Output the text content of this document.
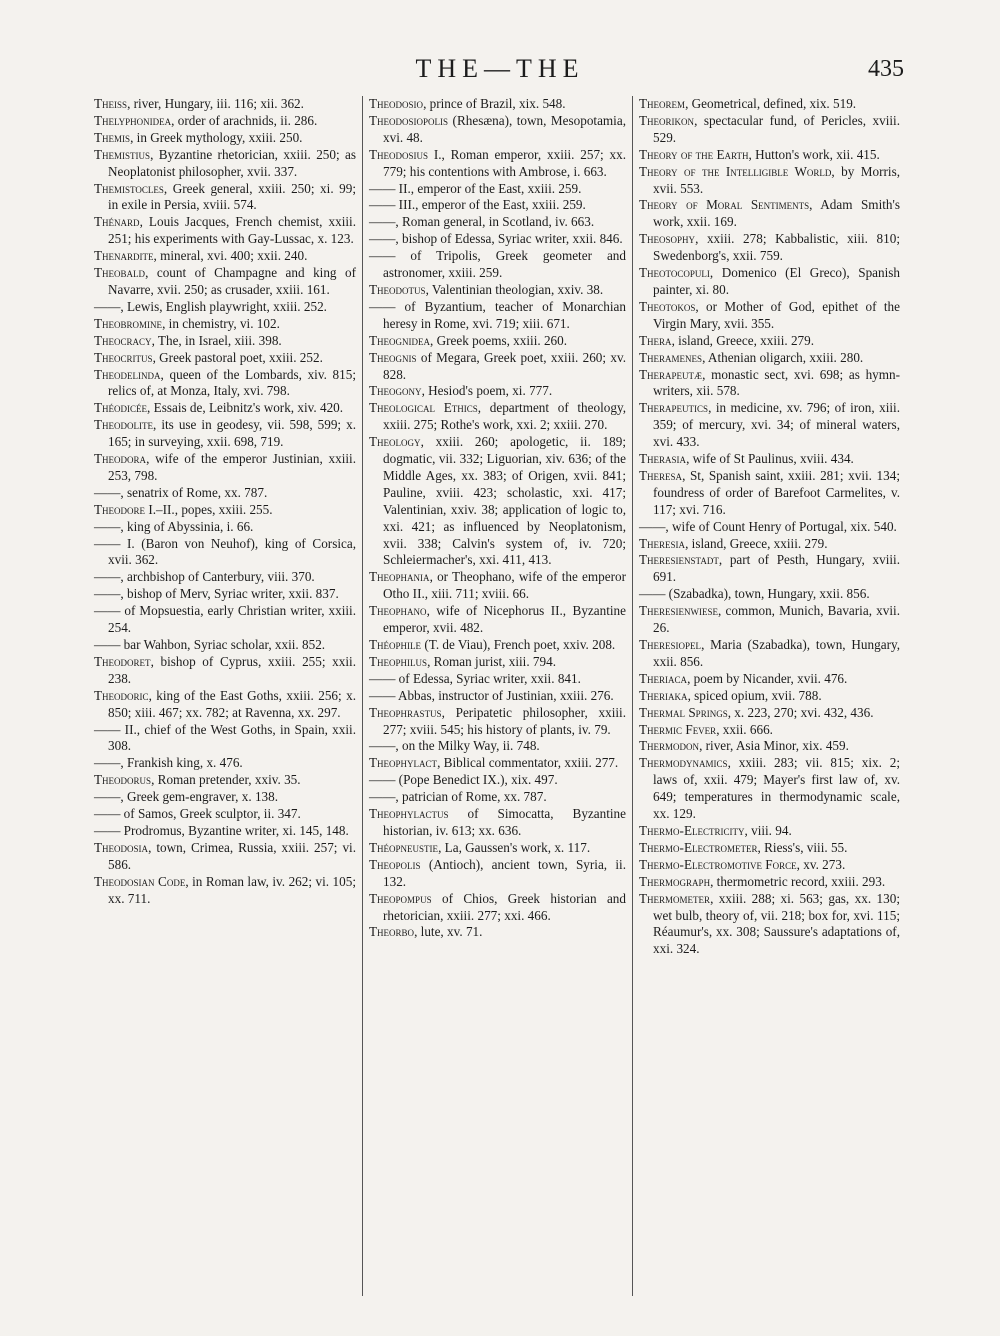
THE—THE	435

Theiss, river, Hungary, iii. 116; xii. 362.

Thelyphonidea, order of arachnids, ii. 286.

Themis, in Greek mythology, xxiii. 250.

Themistius, Byzantine rhetorician, xxiii. 250; as Neoplatonist philosopher, xvii. 337.

Themistocles, Greek general, xxiii. 250; xi. 99; in exile in Persia, xviii. 574.

Thénard, Louis Jacques, French chemist, xxiii. 251; his experiments with Gay-Lussac, x. 123.

Thenardite, mineral, xvi. 400; xxii. 240.

Theobald, count of Champagne and king of Navarre, xvii. 250; as crusader, xxiii. 161.

——, Lewis, English playwright, xxiii. 252.

Theobromine, in chemistry, vi. 102.

Theocracy, The, in Israel, xiii. 398.

Theocritus, Greek pastoral poet, xxiii. 252.

Theodelinda, queen of the Lombards, xiv. 815; relics of, at Monza, Italy, xvi. 798.

Théodicée, Essais de, Leibnitz's work, xiv. 420.

Theodolite, its use in geodesy, vii. 598, 599; x. 165; in surveying, xxii. 698, 719.

Theodora, wife of the emperor Justinian, xxiii. 253, 798.

——, senatrix of Rome, xx. 787.

Theodore I.–II., popes, xxiii. 255.

——, king of Abyssinia, i. 66.

—— I. (Baron von Neuhof), king of Corsica, xvii. 362.

——, archbishop of Canterbury, viii. 370.

——, bishop of Merv, Syriac writer, xxii. 837.

—— of Mopsuestia, early Christian writer, xxiii. 254.

—— bar Wahbon, Syriac scholar, xxii. 852.

Theodoret, bishop of Cyprus, xxiii. 255; xxii. 238.

Theodoric, king of the East Goths, xxiii. 256; x. 850; xiii. 467; xx. 782; at Ravenna, xx. 297.

—— II., chief of the West Goths, in Spain, xxii. 308.

——, Frankish king, x. 476.

Theodorus, Roman pretender, xxiv. 35.

——, Greek gem-engraver, x. 138.

—— of Samos, Greek sculptor, ii. 347.

—— Prodromus, Byzantine writer, xi. 145, 148.

Theodosia, town, Crimea, Russia, xxiii. 257; vi. 586.

Theodosian Code, in Roman law, iv. 262; vi. 105; xx. 711.

Theodosio, prince of Brazil, xix. 548.

Theodosiopolis (Rhesæna), town, Mesopotamia, xvi. 48.

Theodosius I., Roman emperor, xxiii. 257; xx. 779; his contentions with Ambrose, i. 663.

—— II., emperor of the East, xxiii. 259.

—— III., emperor of the East, xxiii. 259.

——, Roman general, in Scotland, iv. 663.

——, bishop of Edessa, Syriac writer, xxii. 846.

—— of Tripolis, Greek geometer and astronomer, xxiii. 259.

Theodotus, Valentinian theologian, xxiv. 38.

—— of Byzantium, teacher of Monarchian heresy in Rome, xvi. 719; xiii. 671.

Theognidea, Greek poems, xxiii. 260.

Theognis of Megara, Greek poet, xxiii. 260; xv. 828.

Theogony, Hesiod's poem, xi. 777.

Theological Ethics, department of theology, xxiii. 275; Rothe's work, xxi. 2; xxiii. 270.

Theology, xxiii. 260; apologetic, ii. 189; dogmatic, vii. 332; Liguorian, xiv. 636; of the Middle Ages, xx. 383; of Origen, xvii. 841; Pauline, xviii. 423; scholastic, xxi. 417; Valentinian, xxiv. 38; application of logic to, xxi. 421; as influenced by Neoplatonism, xvii. 338; Calvin's system of, iv. 720; Schleiermacher's, xxi. 411, 413.

Theophania, or Theophano, wife of the emperor Otho II., xiii. 711; xviii. 66.

Theophano, wife of Nicephorus II., Byzantine emperor, xvii. 482.

Théophile (T. de Viau), French poet, xxiv. 208.

Theophilus, Roman jurist, xiii. 794.

—— of Edessa, Syriac writer, xxii. 841.

—— Abbas, instructor of Justinian, xxiii. 276.

Theophrastus, Peripatetic philosopher, xxiii. 277; xviii. 545; his history of plants, iv. 79.

——, on the Milky Way, ii. 748.

Theophylact, Biblical commentator, xxiii. 277.

—— (Pope Benedict IX.), xix. 497.

——, patrician of Rome, xx. 787.

Theophylactus of Simocatta, Byzantine historian, iv. 613; xx. 636.

Théopneustie, La, Gaussen's work, x. 117.

Theopolis (Antioch), ancient town, Syria, ii. 132.

Theopompus of Chios, Greek historian and rhetorician, xxiii. 277; xxi. 466.

Theorbo, lute, xv. 71.

Theorem, Geometrical, defined, xix. 519.

Theorikon, spectacular fund, of Pericles, xviii. 529.

Theory of the Earth, Hutton's work, xii. 415.

Theory of the Intelligible World, by Morris, xvii. 553.

Theory of Moral Sentiments, Adam Smith's work, xxii. 169.

Theosophy, xxiii. 278; Kabbalistic, xiii. 810; Swedenborg's, xxii. 759.

Theotocopuli, Domenico (El Greco), Spanish painter, xi. 80.

Theotokos, or Mother of God, epithet of the Virgin Mary, xvii. 355.

Thera, island, Greece, xxiii. 279.

Theramenes, Athenian oligarch, xxiii. 280.

Therapeutæ, monastic sect, xvi. 698; as hymn-writers, xii. 578.

Therapeutics, in medicine, xv. 796; of iron, xiii. 359; of mercury, xvi. 34; of mineral waters, xvi. 433.

Therasia, wife of St Paulinus, xviii. 434.

Theresa, St, Spanish saint, xxiii. 281; xvii. 134; foundress of order of Barefoot Carmelites, v. 117; xvi. 716.

——, wife of Count Henry of Portugal, xix. 540.

Theresia, island, Greece, xxiii. 279.

Theresienstadt, part of Pesth, Hungary, xviii. 691.

—— (Szabadka), town, Hungary, xxii. 856.

Theresienwiese, common, Munich, Bavaria, xvii. 26.

Theresiopel, Maria (Szabadka), town, Hungary, xxii. 856.

Theriaca, poem by Nicander, xvii. 476.

Theriaka, spiced opium, xvii. 788.

Thermal Springs, x. 223, 270; xvi. 432, 436.

Thermic Fever, xxii. 666.

Thermodon, river, Asia Minor, xix. 459.

Thermodynamics, xxiii. 283; vii. 815; xix. 2; laws of, xxii. 479; Mayer's first law of, xv. 649; temperatures in thermodynamic scale, xx. 129.

Thermo-Electricity, viii. 94.

Thermo-Electrometer, Riess's, viii. 55.

Thermo-Electromotive Force, xv. 273.

Thermograph, thermometric record, xxiii. 293.

Thermometer, xxiii. 288; xi. 563; gas, xx. 130; wet bulb, theory of, vii. 218; box for, xvi. 115; Réaumur's, xx. 308; Saussure's adaptations of, xxi. 324.
